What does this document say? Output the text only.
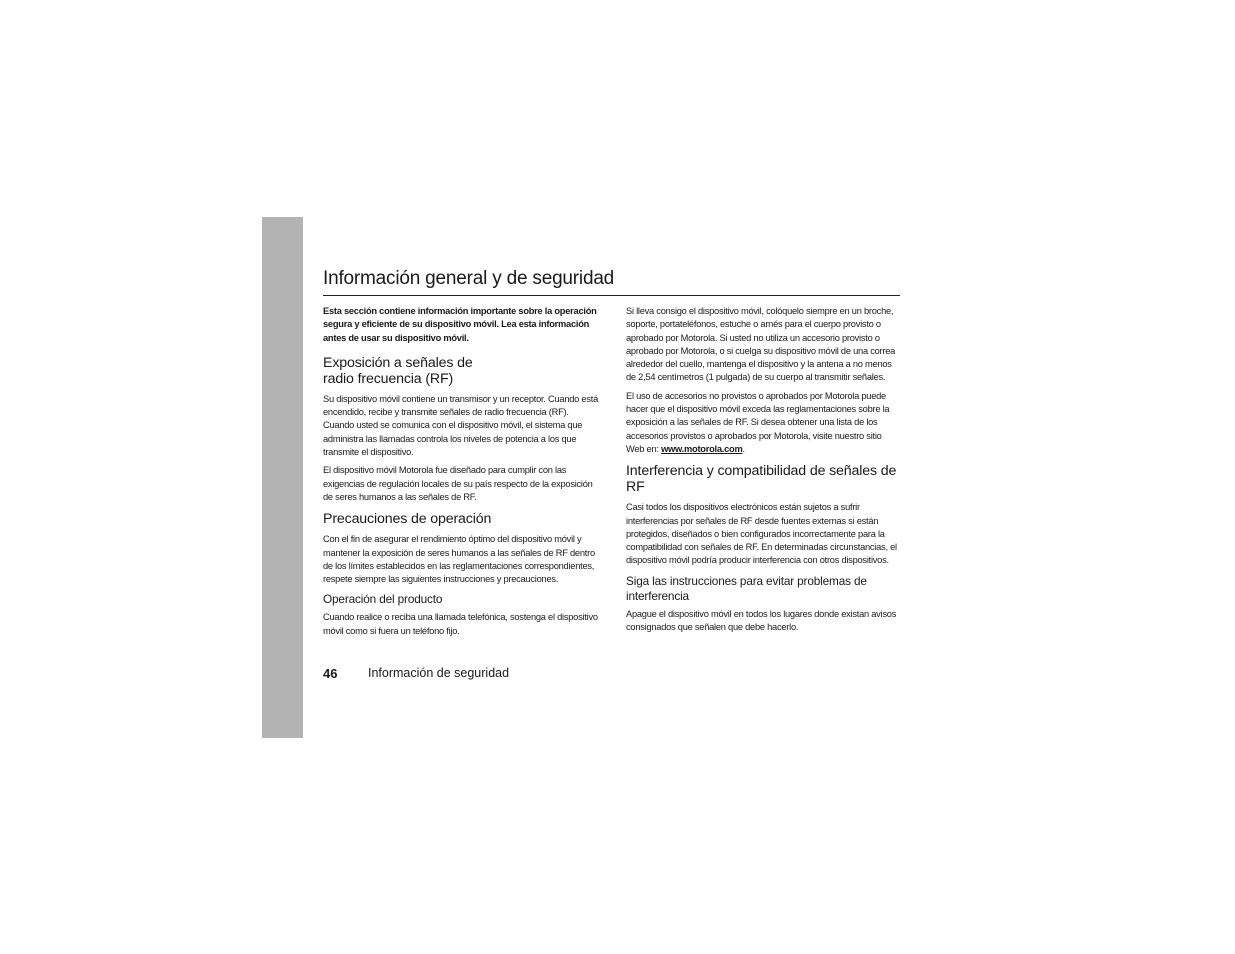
Información general y de seguridad

Esta sección contiene información importante sobre la operación segura y eficiente de su dispositivo móvil. Lea esta información antes de usar su dispositivo móvil.

Exposición a señales de
radio frecuencia (RF)

Su dispositivo móvil contiene un transmisor y un receptor. Cuando está encendido, recibe y transmite señales de radio frecuencia (RF). Cuando usted se comunica con el dispositivo móvil, el sistema que administra las llamadas controla los niveles de potencia a los que transmite el dispositivo.

El dispositivo móvil Motorola fue diseñado para cumplir con las exigencias de regulación locales de su país respecto de la exposición de seres humanos a las señales de RF.

Precauciones de operación

Con el fin de asegurar el rendimiento óptimo del dispositivo móvil y mantener la exposición de seres humanos a las señales de RF dentro de los límites establecidos en las reglamentaciones correspondientes, respete siempre las siguientes instrucciones y precauciones.

Operación del producto

Cuando realice o reciba una llamada telefónica, sostenga el dispositivo móvil como si fuera un teléfono fijo.

Si lleva consigo el dispositivo móvil, colóquelo siempre en un broche, soporte, portateléfonos, estuche o arnés para el cuerpo provisto o aprobado por Motorola. Si usted no utiliza un accesorio provisto o aprobado por Motorola, o si cuelga su dispositivo móvil de una correa alrededor del cuello, mantenga el dispositivo y la antena a no menos de 2,54 centímetros (1 pulgada) de su cuerpo al transmitir señales.

El uso de accesorios no provistos o aprobados por Motorola puede hacer que el dispositivo móvil exceda las reglamentaciones sobre la exposición a las señales de RF. Si desea obtener una lista de los accesorios provistos o aprobados por Motorola, visite nuestro sitio Web en: www.motorola.com.

Interferencia y compatibilidad de señales de RF

Casi todos los dispositivos electrónicos están sujetos a sufrir interferencias por señales de RF desde fuentes externas si están protegidos, diseñados o bien configurados incorrectamente para la compatibilidad con señales de RF. En determinadas circunstancias, el dispositivo móvil podría producir interferencia con otros dispositivos.

Siga las instrucciones para evitar problemas de interferencia

Apague el dispositivo móvil en todos los lugares donde existan avisos consignados que señalen que debe hacerlo.

46 Información de seguridad
